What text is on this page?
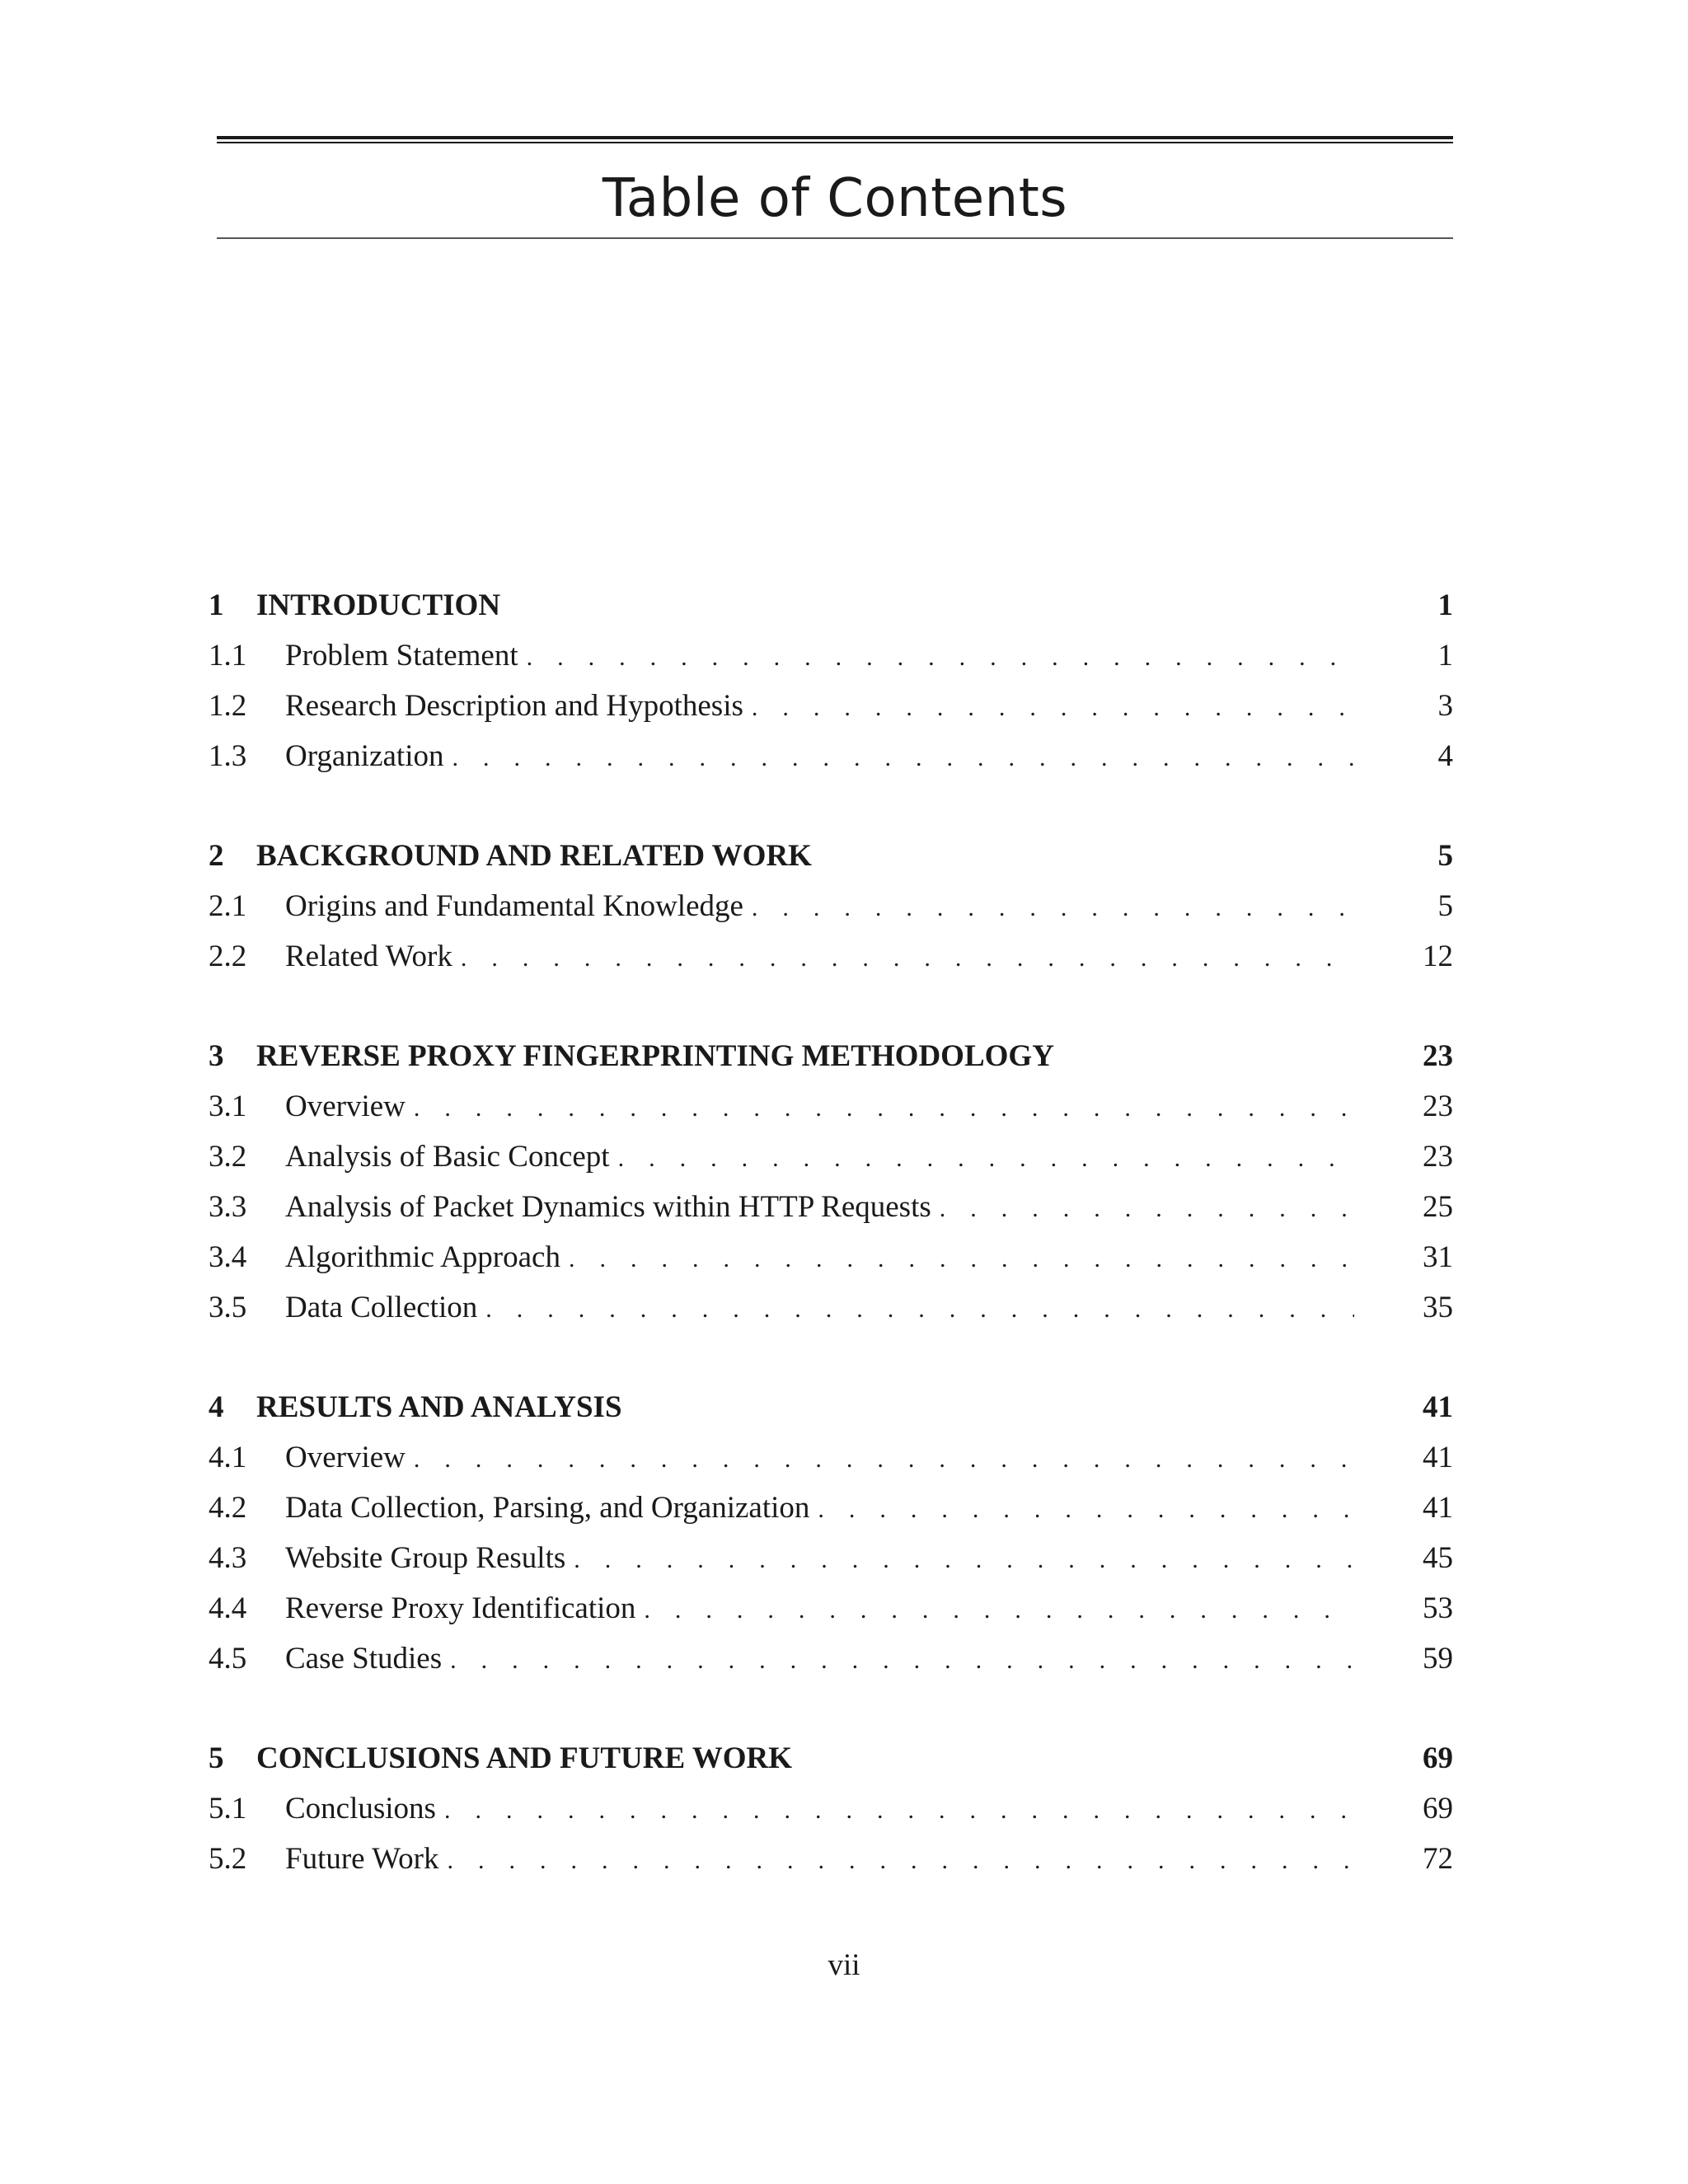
Table of Contents
1	INTRODUCTION	1
1.1	Problem Statement .	1
1.2	Research Description and Hypothesis .	3
1.3	Organization .	4
2	BACKGROUND AND RELATED WORK	5
2.1	Origins and Fundamental Knowledge .	5
2.2	Related Work .	12
3	REVERSE PROXY FINGERPRINTING METHODOLOGY	23
3.1	Overview .	23
3.2	Analysis of Basic Concept .	23
3.3	Analysis of Packet Dynamics within HTTP Requests .	25
3.4	Algorithmic Approach .	31
3.5	Data Collection .	35
4	RESULTS AND ANALYSIS	41
4.1	Overview .	41
4.2	Data Collection, Parsing, and Organization .	41
4.3	Website Group Results .	45
4.4	Reverse Proxy Identification .	53
4.5	Case Studies .	59
5	CONCLUSIONS AND FUTURE WORK	69
5.1	Conclusions .	69
5.2	Future Work .	72
vii
